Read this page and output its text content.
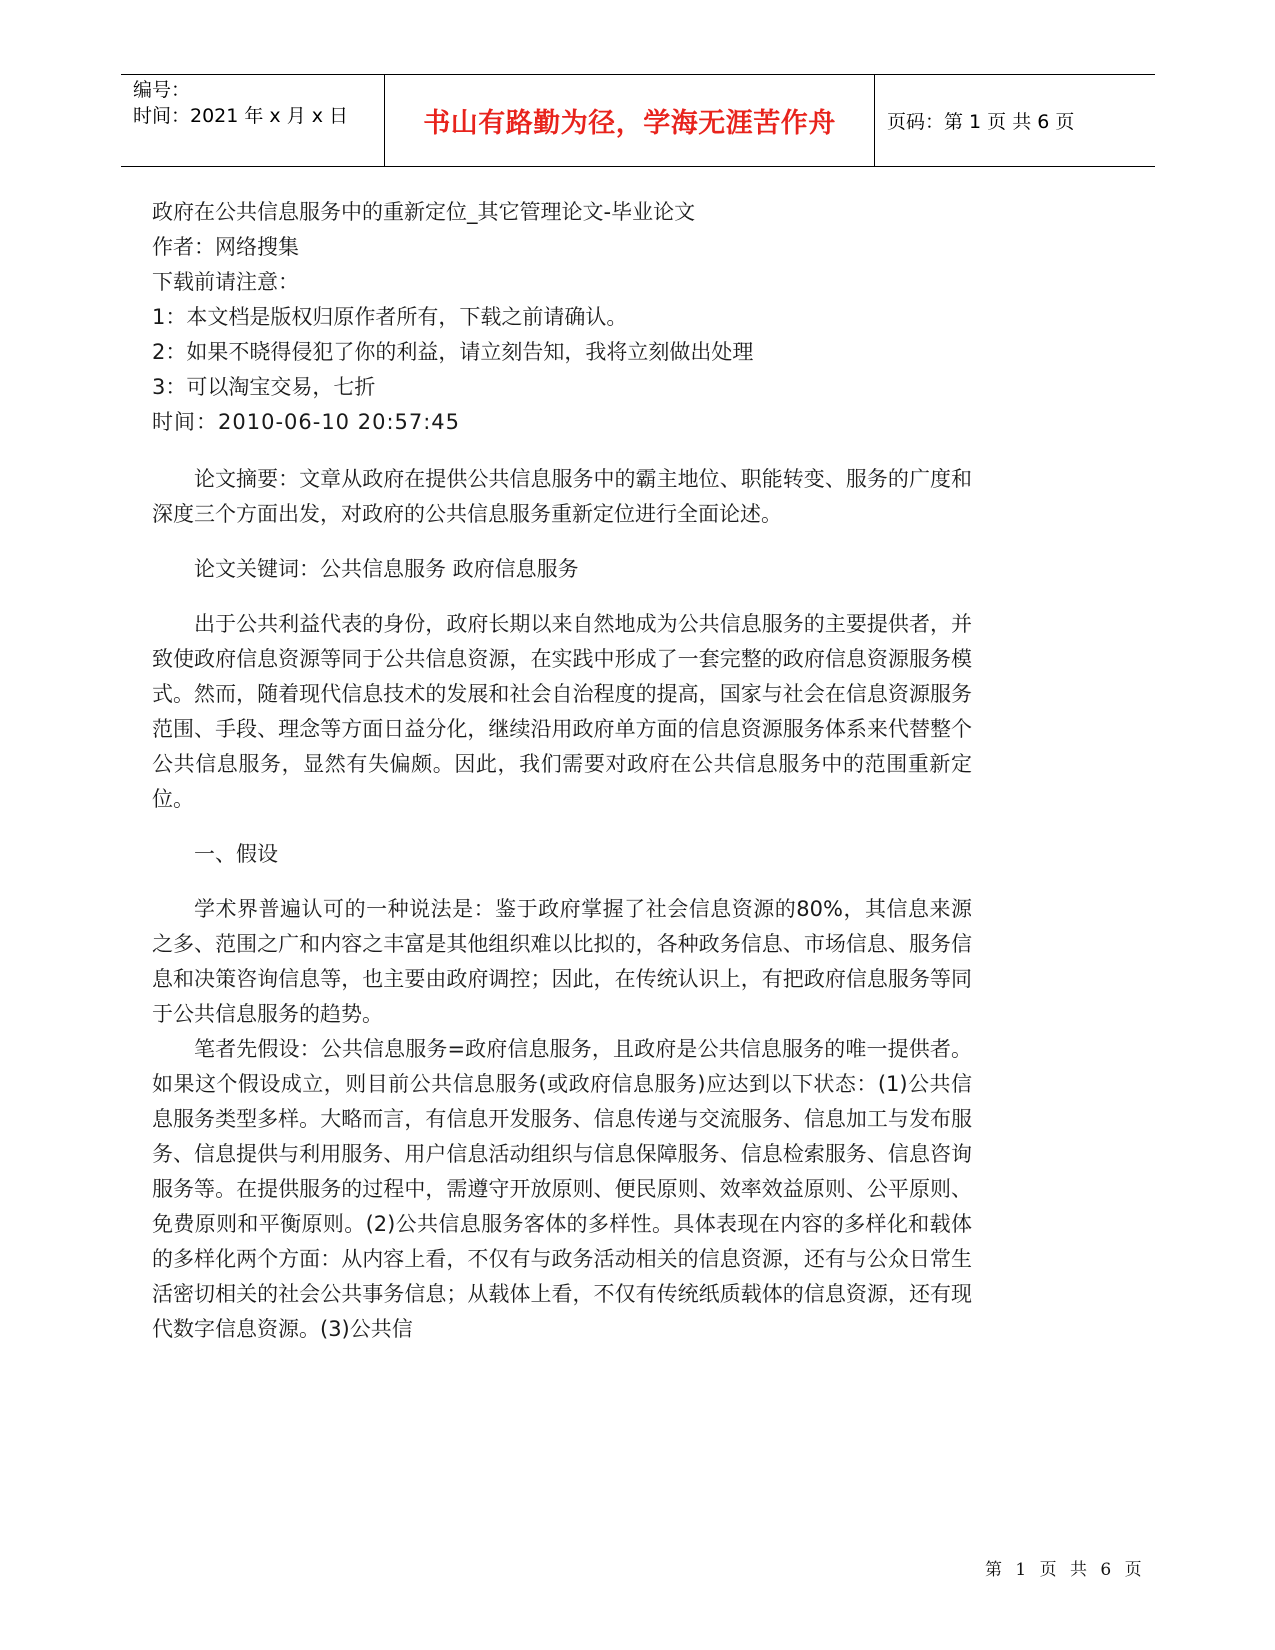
编号：
时间：2021 年 x 月 x 日	书山有路勤为径，学海无涯苦作舟	页码：第 1 页 共 6 页
政府在公共信息服务中的重新定位_其它管理论文-毕业论文
作者：网络搜集
下载前请注意：
1：本文档是版权归原作者所有，下载之前请确认。
2：如果不晓得侵犯了你的利益，请立刻告知，我将立刻做出处理
3：可以淘宝交易，七折
时间：2010-06-10 20:57:45

论文摘要：文章从政府在提供公共信息服务中的霸主地位、职能转变、服务的广度和深度三个方面出发，对政府的公共信息服务重新定位进行全面论述。

论文关键词：公共信息服务 政府信息服务

出于公共利益代表的身份，政府长期以来自然地成为公共信息服务的主要提供者，并致使政府信息资源等同于公共信息资源，在实践中形成了一套完整的政府信息资源服务模式。然而，随着现代信息技术的发展和社会自治程度的提高，国家与社会在信息资源服务范围、手段、理念等方面日益分化，继续沿用政府单方面的信息资源服务体系来代替整个公共信息服务，显然有失偏颇。因此，我们需要对政府在公共信息服务中的范围重新定位。

一、假设

学术界普遍认可的一种说法是：鉴于政府掌握了社会信息资源的80%，其信息来源之多、范围之广和内容之丰富是其他组织难以比拟的，各种政务信息、市场信息、服务信息和决策咨询信息等，也主要由政府调控；因此，在传统认识上，有把政府信息服务等同于公共信息服务的趋势。

笔者先假设：公共信息服务=政府信息服务，且政府是公共信息服务的唯一提供者。如果这个假设成立，则目前公共信息服务(或政府信息服务)应达到以下状态：(1)公共信息服务类型多样。大略而言，有信息开发服务、信息传递与交流服务、信息加工与发布服务、信息提供与利用服务、用户信息活动组织与信息保障服务、信息检索服务、信息咨询服务等。在提供服务的过程中，需遵守开放原则、便民原则、效率效益原则、公平原则、免费原则和平衡原则。(2)公共信息服务客体的多样性。具体表现在内容的多样化和载体的多样化两个方面：从内容上看，不仅有与政务活动相关的信息资源，还有与公众日常生活密切相关的社会公共事务信息；从载体上看，不仅有传统纸质载体的信息资源，还有现代数字信息资源。(3)公共信

第 1 页 共 6 页
